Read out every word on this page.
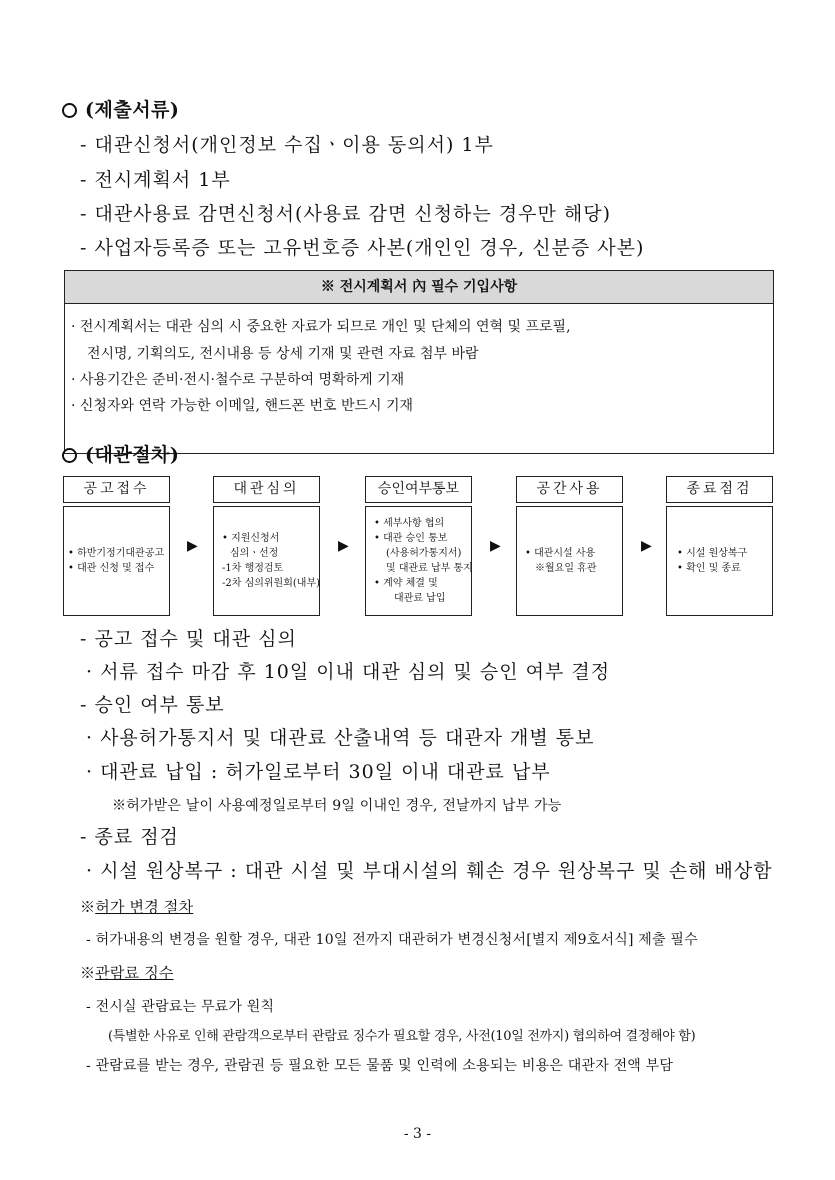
(제출서류)
- 대관신청서(개인정보 수집ㆍ이용 동의서) 1부
- 전시계획서 1부
- 대관사용료 감면신청서(사용료 감면 신청하는 경우만 해당)
- 사업자등록증 또는 고유번호증 사본(개인인 경우, 신분증 사본)
※ 전시계획서 內 필수 기입사항
· 전시계획서는 대관 심의 시 중요한 자료가 되므로 개인 및 단체의 연혁 및 프로필,
전시명, 기획의도, 전시내용 등 상세 기재 및 관련 자료 첨부 바람
· 사용기간은 준비·전시·철수로 구분하여 명확하게 기재
· 신청자와 연락 가능한 이메일, 핸드폰 번호 반드시 기재
(대관절차)
공고접수
• 하반기정기대관공고
• 대관 신청 및 접수
▶
대관심의
• 지원신청서
심의ㆍ선정
-1차 행정검토
-2차 심의위원회(내부)
▶
승인여부통보
• 세부사항 협의
• 대관 승인 통보
(사용허가통지서)
및 대관료 납부 통지
• 계약 체결 및
대관료 납입
▶
공간사용
• 대관시설 사용
※월요일 휴관
▶
종료점검
• 시설 원상복구
• 확인 및 종료
- 공고 접수 및 대관 심의
· 서류 접수 마감 후 10일 이내 대관 심의 및 승인 여부 결정
- 승인 여부 통보
· 사용허가통지서 및 대관료 산출내역 등 대관자 개별 통보
· 대관료 납입 : 허가일로부터 30일 이내 대관료 납부
※허가받은 날이 사용예정일로부터 9일 이내인 경우, 전날까지 납부 가능
- 종료 점검
· 시설 원상복구 : 대관 시설 및 부대시설의 훼손 경우 원상복구 및 손해 배상함
※허가 변경 절차
- 허가내용의 변경을 원할 경우, 대관 10일 전까지 대관허가 변경신청서[별지 제9호서식] 제출 필수
※관람료 징수
- 전시실 관람료는 무료가 원칙
(특별한 사유로 인해 관람객으로부터 관람료 징수가 필요할 경우, 사전(10일 전까지) 협의하여 결정해야 함)
- 관람료를 받는 경우, 관람권 등 필요한 모든 물품 및 인력에 소용되는 비용은 대관자 전액 부담
- 3 -
